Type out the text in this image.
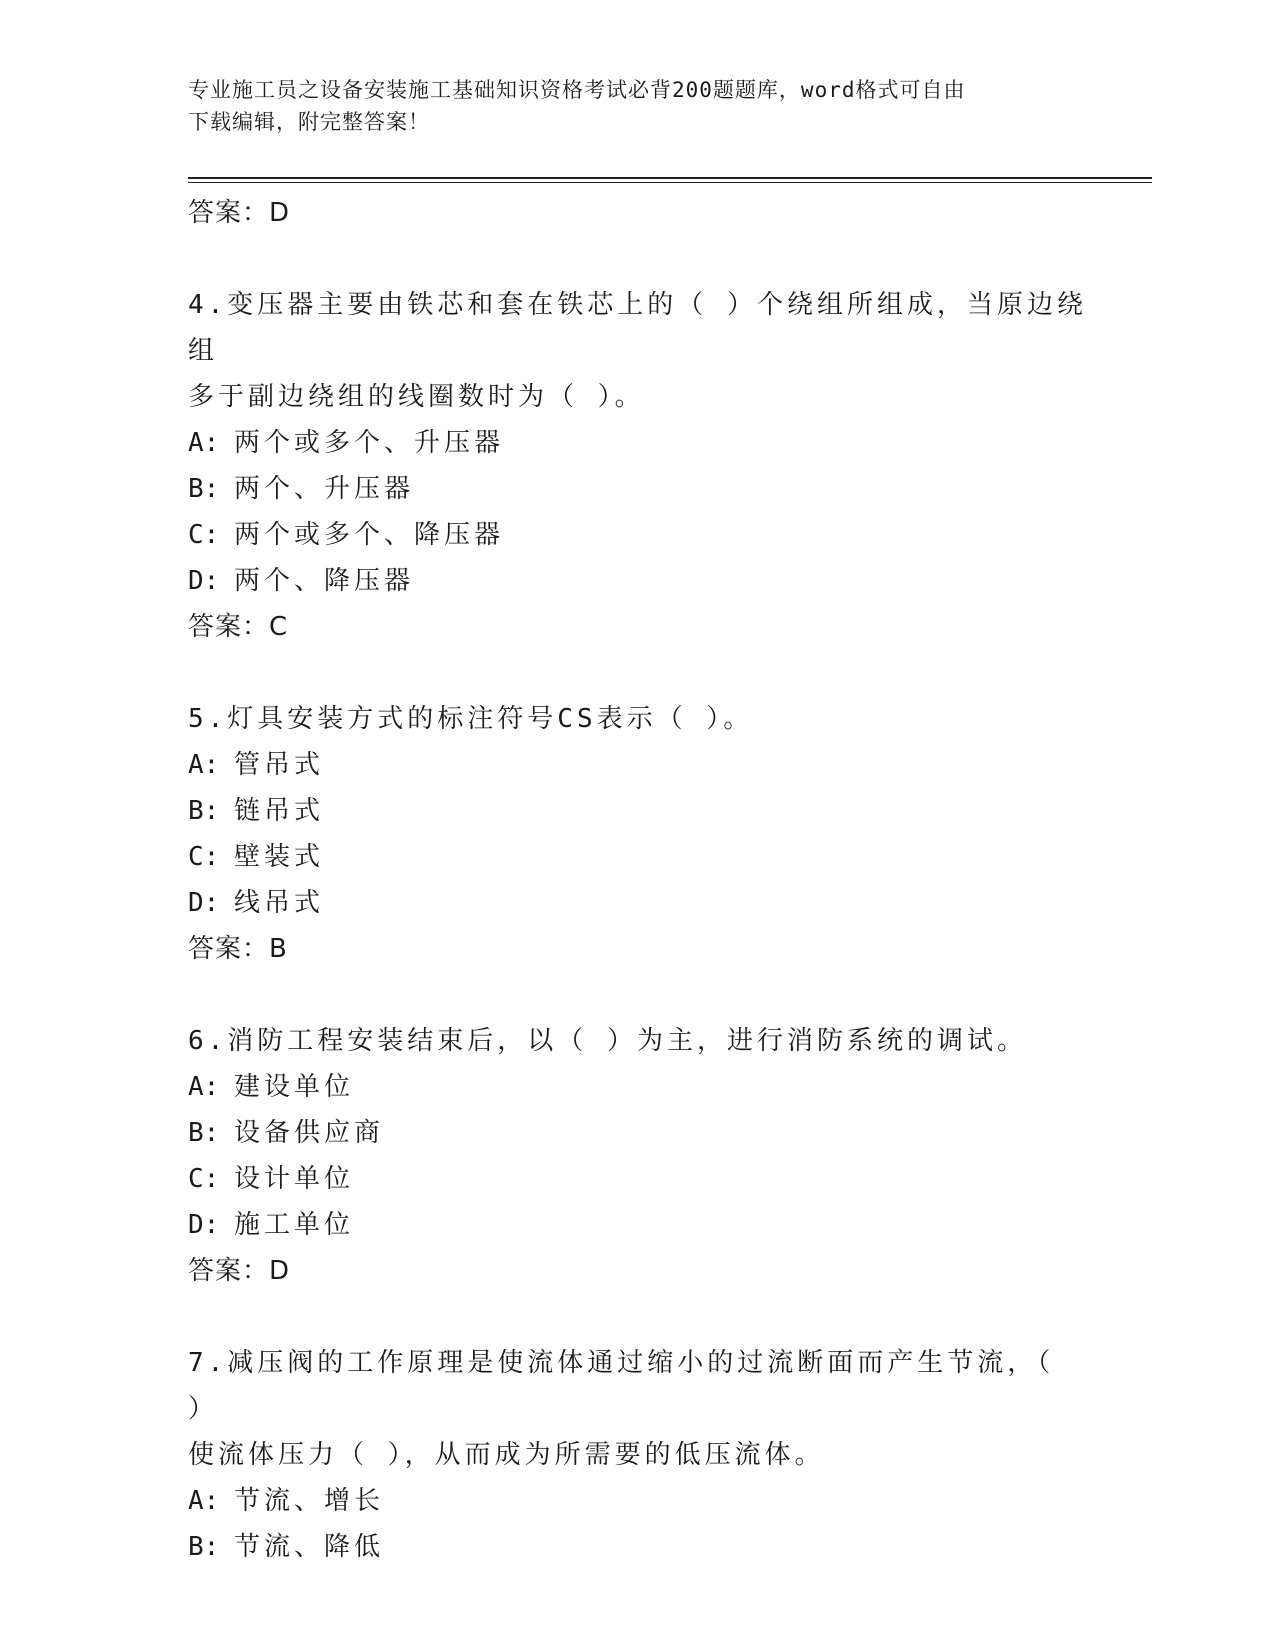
专业施工员之设备安装施工基础知识资格考试必背200题题库，word格式可自由
下载编辑，附完整答案！
答案：D
4.变压器主要由铁芯和套在铁芯上的（ ）个绕组所组成，当原边绕组
多于副边绕组的线圈数时为（ ）。
A: 两个或多个、升压器
B: 两个、升压器
C: 两个或多个、降压器
D: 两个、降压器
答案：C
5.灯具安装方式的标注符号CS表示（ ）。
A: 管吊式
B: 链吊式
C: 壁装式
D: 线吊式
答案：B
6.消防工程安装结束后，以（ ）为主，进行消防系统的调试。
A: 建设单位
B: 设备供应商
C: 设计单位
D: 施工单位
答案：D
7.减压阀的工作原理是使流体通过缩小的过流断面而产生节流，（ ）
使流体压力（ ），从而成为所需要的低压流体。
A: 节流、增长
B: 节流、降低
